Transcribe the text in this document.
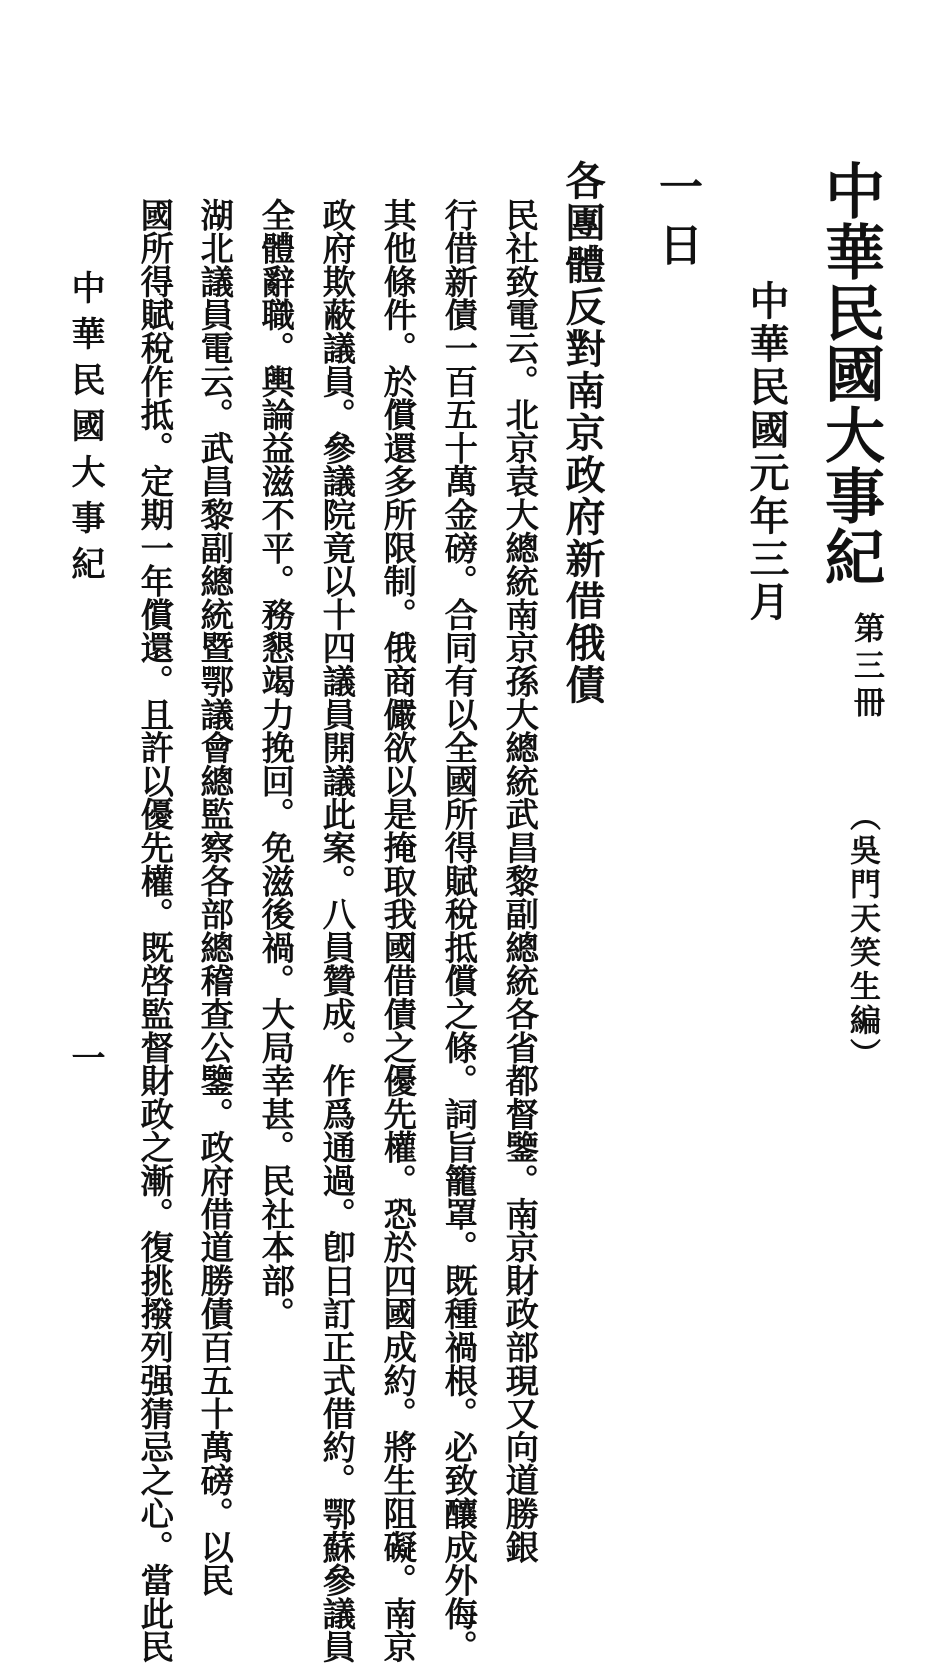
中華民國大事紀
第三冊
（吳門天笑生編）
中華民國元年三月
一日
各團體反對南京政府新借俄債
民社致電云。北京袁大總統南京孫大總統武昌黎副總統各省都督鑒。南京財政部現又向道勝銀
行借新債一百五十萬金磅。合同有以全國所得賦稅抵償之條。詞旨籠罩。既種禍根。必致釀成外侮。
其他條件。於償還多所限制。俄商儼欲以是掩取我國借債之優先權。恐於四國成約。將生阻礙。南京
政府欺蔽議員。參議院竟以十四議員開議此案。八員贊成。作爲通過。卽日訂正式借約。鄂蘇參議員
全體辭職。輿論益滋不平。務懇竭力挽回。免滋後禍。大局幸甚。民社本部。
湖北議員電云。武昌黎副總統暨鄂議會總監察各部總稽查公鑒。政府借道勝債百五十萬磅。以民
國所得賦稅作抵。定期一年償還。且許以優先權。既啓監督財政之漸。復挑撥列强猜忌之心。當此民
中華民國大事紀
一
